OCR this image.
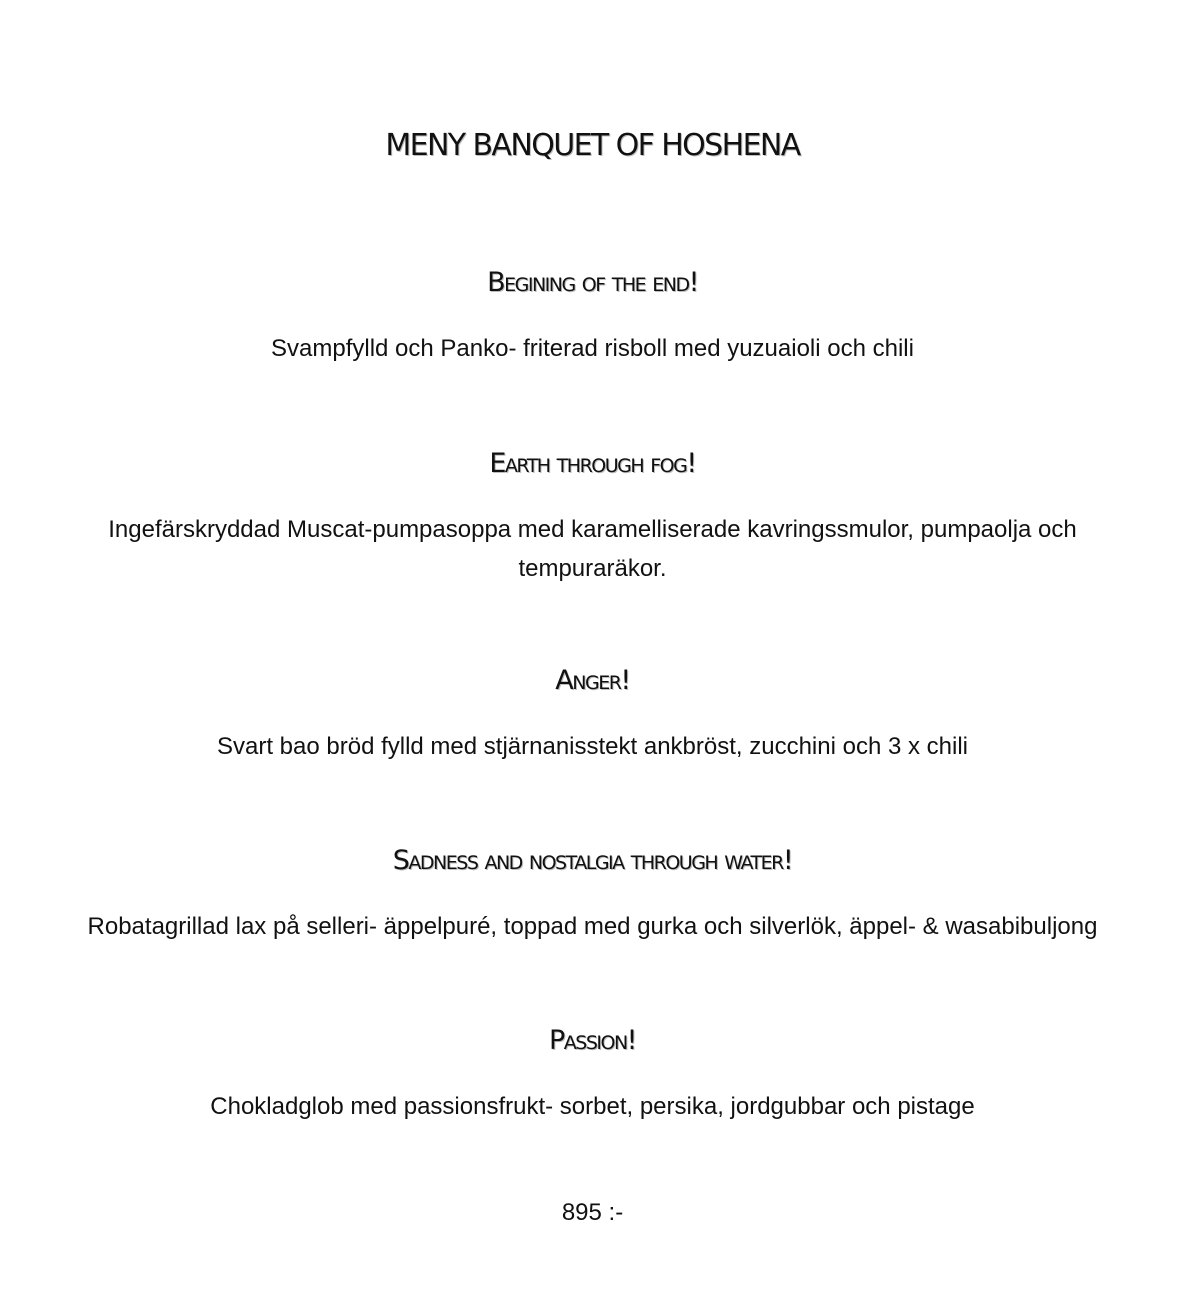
MENY BANQUET OF HOSHENA
Begining of the end!
Svampfylld och Panko- friterad risboll med yuzuaioli och chili
Earth through fog!
Ingefärskryddad Muscat-pumpasoppa med karamelliserade kavringssmulor, pumpaolja och tempuraräkor.
Anger!
Svart bao bröd fylld med stjärnanisstekt ankbröst, zucchini och 3 x chili
Sadness and nostalgia through water!
Robatagrillad lax på selleri- äppelpuré, toppad med gurka och silverlök, äppel- & wasabibuljong
Passion!
Chokladglob med passionsfrukt- sorbet, persika, jordgubbar och pistage
895 :-
